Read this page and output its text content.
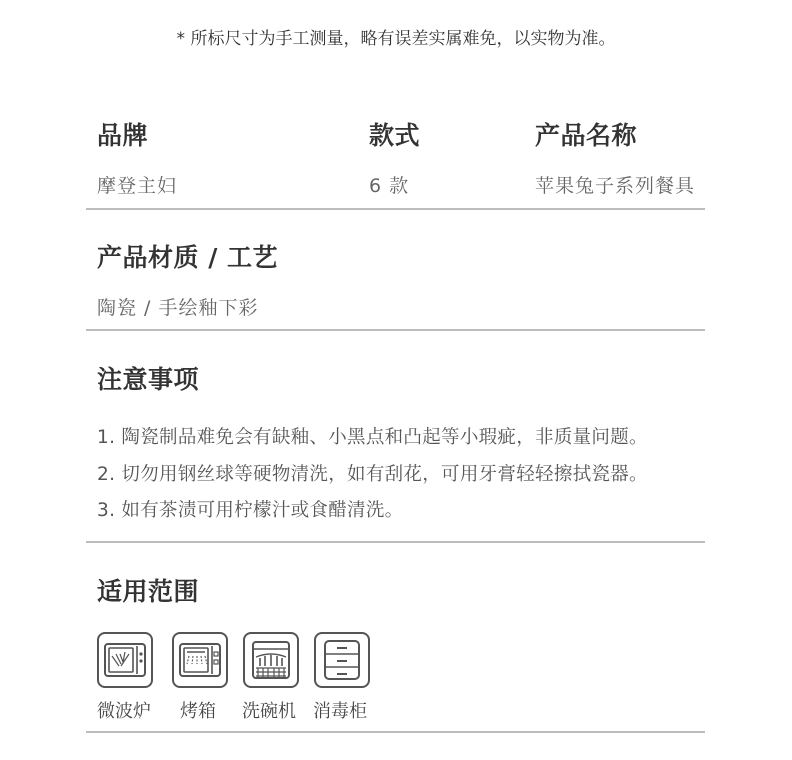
* 所标尺寸为手工测量，略有误差实属难免，以实物为准。
品牌
摩登主妇
款式
6 款
产品名称
苹果兔子系列餐具
产品材质 / 工艺
陶瓷 / 手绘釉下彩
注意事项
1. 陶瓷制品难免会有缺釉、小黑点和凸起等小瑕疵，非质量问题。
2. 切勿用钢丝球等硬物清洗，如有刮花，可用牙膏轻轻擦拭瓷器。
3. 如有茶渍可用柠檬汁或食醋清洗。
适用范围
微波炉 烤箱 洗碗机 消毒柜
